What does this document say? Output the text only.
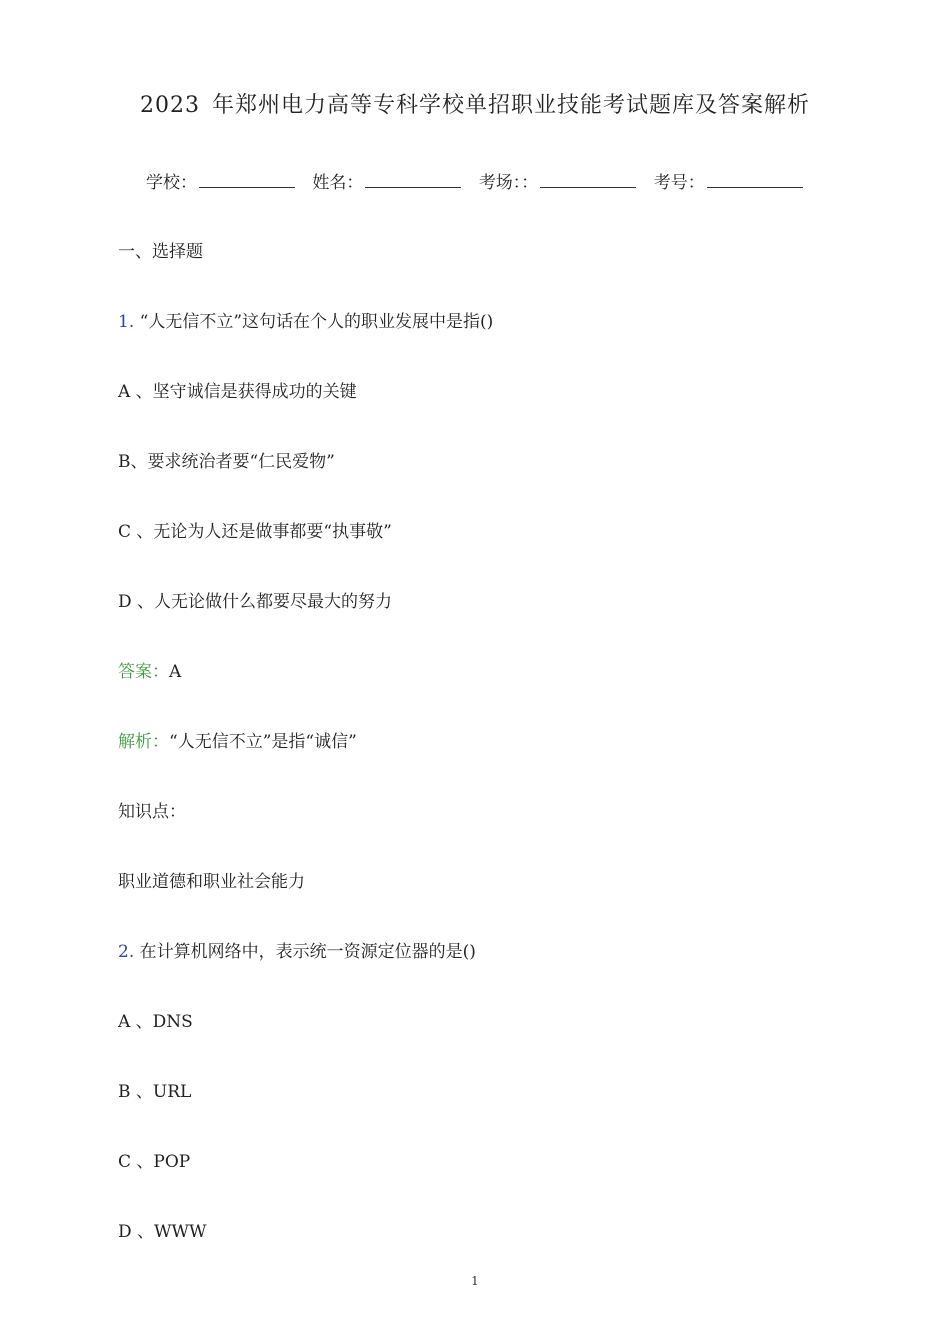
2023 年郑州电力高等专科学校单招职业技能考试题库及答案解析
学校：	姓名：	考场：：	考号：
一、选择题
1. “人无信不立”这句话在个人的职业发展中是指()
A 、坚守诚信是获得成功的关键
B、要求统治者要“仁民爱物”
C 、无论为人还是做事都要“执事敬”
D 、人无论做什么都要尽最大的努力
答案：A
解析：“人无信不立”是指“诚信”
知识点：
职业道德和职业社会能力
2. 在计算机网络中，表示统一资源定位器的是()
A 、DNS
B 、URL
C 、POP
D 、WWW
1
